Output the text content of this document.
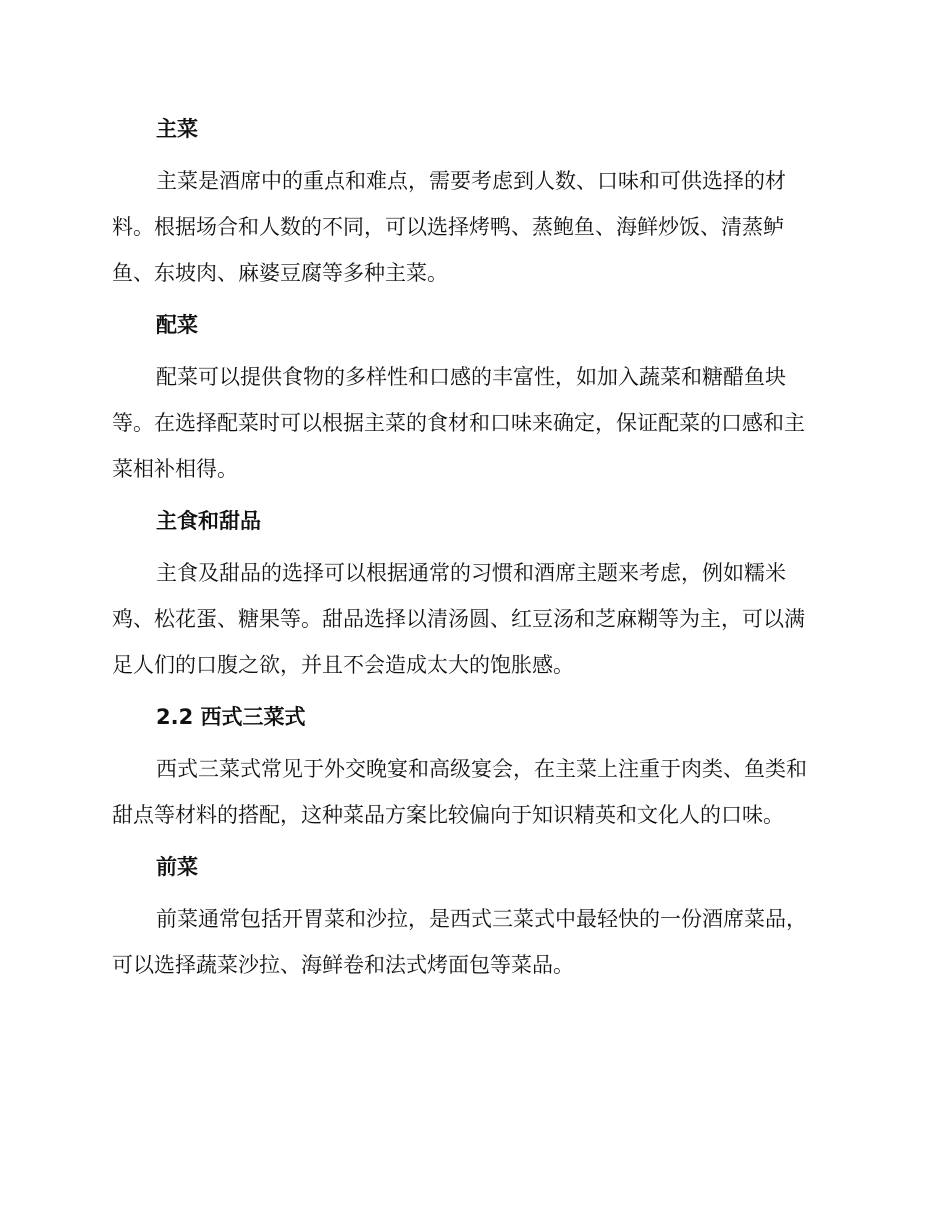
主菜
主菜是酒席中的重点和难点，需要考虑到人数、口味和可供选择的材
料。根据场合和人数的不同，可以选择烤鸭、蒸鲍鱼、海鲜炒饭、清蒸鲈
鱼、东坡肉、麻婆豆腐等多种主菜。
配菜
配菜可以提供食物的多样性和口感的丰富性，如加入蔬菜和糖醋鱼块
等。在选择配菜时可以根据主菜的食材和口味来确定，保证配菜的口感和主
菜相补相得。
主食和甜品
主食及甜品的选择可以根据通常的习惯和酒席主题来考虑，例如糯米
鸡、松花蛋、糖果等。甜品选择以清汤圆、红豆汤和芝麻糊等为主，可以满
足人们的口腹之欲，并且不会造成太大的饱胀感。
2.2 西式三菜式
西式三菜式常见于外交晚宴和高级宴会，在主菜上注重于肉类、鱼类和
甜点等材料的搭配，这种菜品方案比较偏向于知识精英和文化人的口味。
前菜
前菜通常包括开胃菜和沙拉，是西式三菜式中最轻快的一份酒席菜品，
可以选择蔬菜沙拉、海鲜卷和法式烤面包等菜品。
